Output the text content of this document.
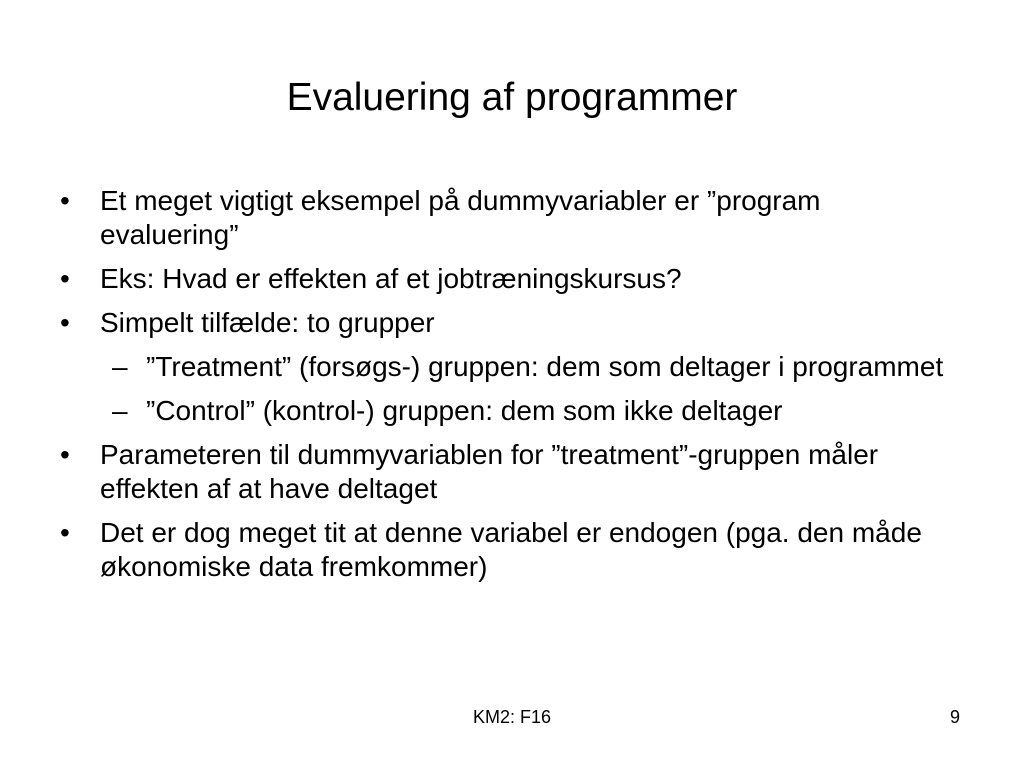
Evaluering af programmer
•	Et meget vigtigt eksempel på dummyvariabler er ”program evaluering”
•	Eks: Hvad er effekten af et jobtræningskursus?
•	Simpelt tilfælde: to grupper
– ”Treatment” (forsøgs-) gruppen: dem som deltager i programmet
– ”Control” (kontrol-) gruppen: dem som ikke deltager
•	Parameteren til dummyvariablen for ”treatment”-gruppen måler effekten af at have deltaget
•	Det er dog meget tit at denne variabel er endogen (pga. den måde økonomiske data fremkommer)
KM2: F16	9
